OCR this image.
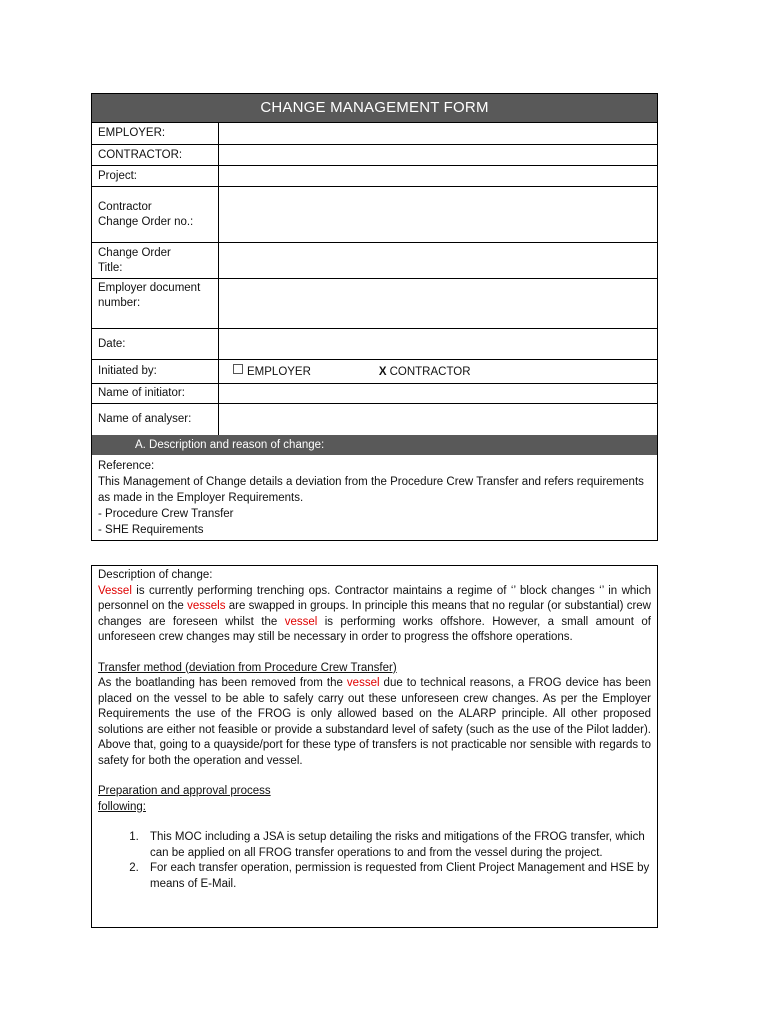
CHANGE MANAGEMENT FORM
EMPLOYER:
CONTRACTOR:
Project:
Contractor
Change Order no.:
Change Order
Title:
Employer document
number:
Date:
Initiated by:	EMPLOYER	X CONTRACTOR
Name of initiator:
Name of analyser:
A. Description and reason of change:
Reference:
This Management of Change details a deviation from the Procedure Crew Transfer and refers requirements as made in the Employer Requirements.
- Procedure Crew Transfer
- SHE Requirements

Description of change:

Vessel is currently performing trenching ops. Contractor maintains a regime of ‘’ block changes ‘’ in which personnel on the vessels are swapped in groups. In principle this means that no regular (or substantial) crew changes are foreseen whilst the vessel is performing works offshore. However, a small amount of unforeseen crew changes may still be necessary in order to progress the offshore operations.

Transfer method (deviation from Procedure Crew Transfer)

As the boatlanding has been removed from the vessel due to technical reasons, a FROG device has been placed on the vessel to be able to safely carry out these unforeseen crew changes. As per the Employer Requirements the use of the FROG is only allowed based on the ALARP principle. All other proposed solutions are either not feasible or provide a substandard level of safety (such as the use of the Pilot ladder). Above that, going to a quayside/port for these type of transfers is not practicable nor sensible with regards to safety for both the operation and vessel.

Preparation and approval process

following:

1. This MOC including a JSA is setup detailing the risks and mitigations of the FROG transfer, which can be applied on all FROG transfer operations to and from the vessel during the project.
2. For each transfer operation, permission is requested from Client Project Management and HSE by means of E-Mail.
